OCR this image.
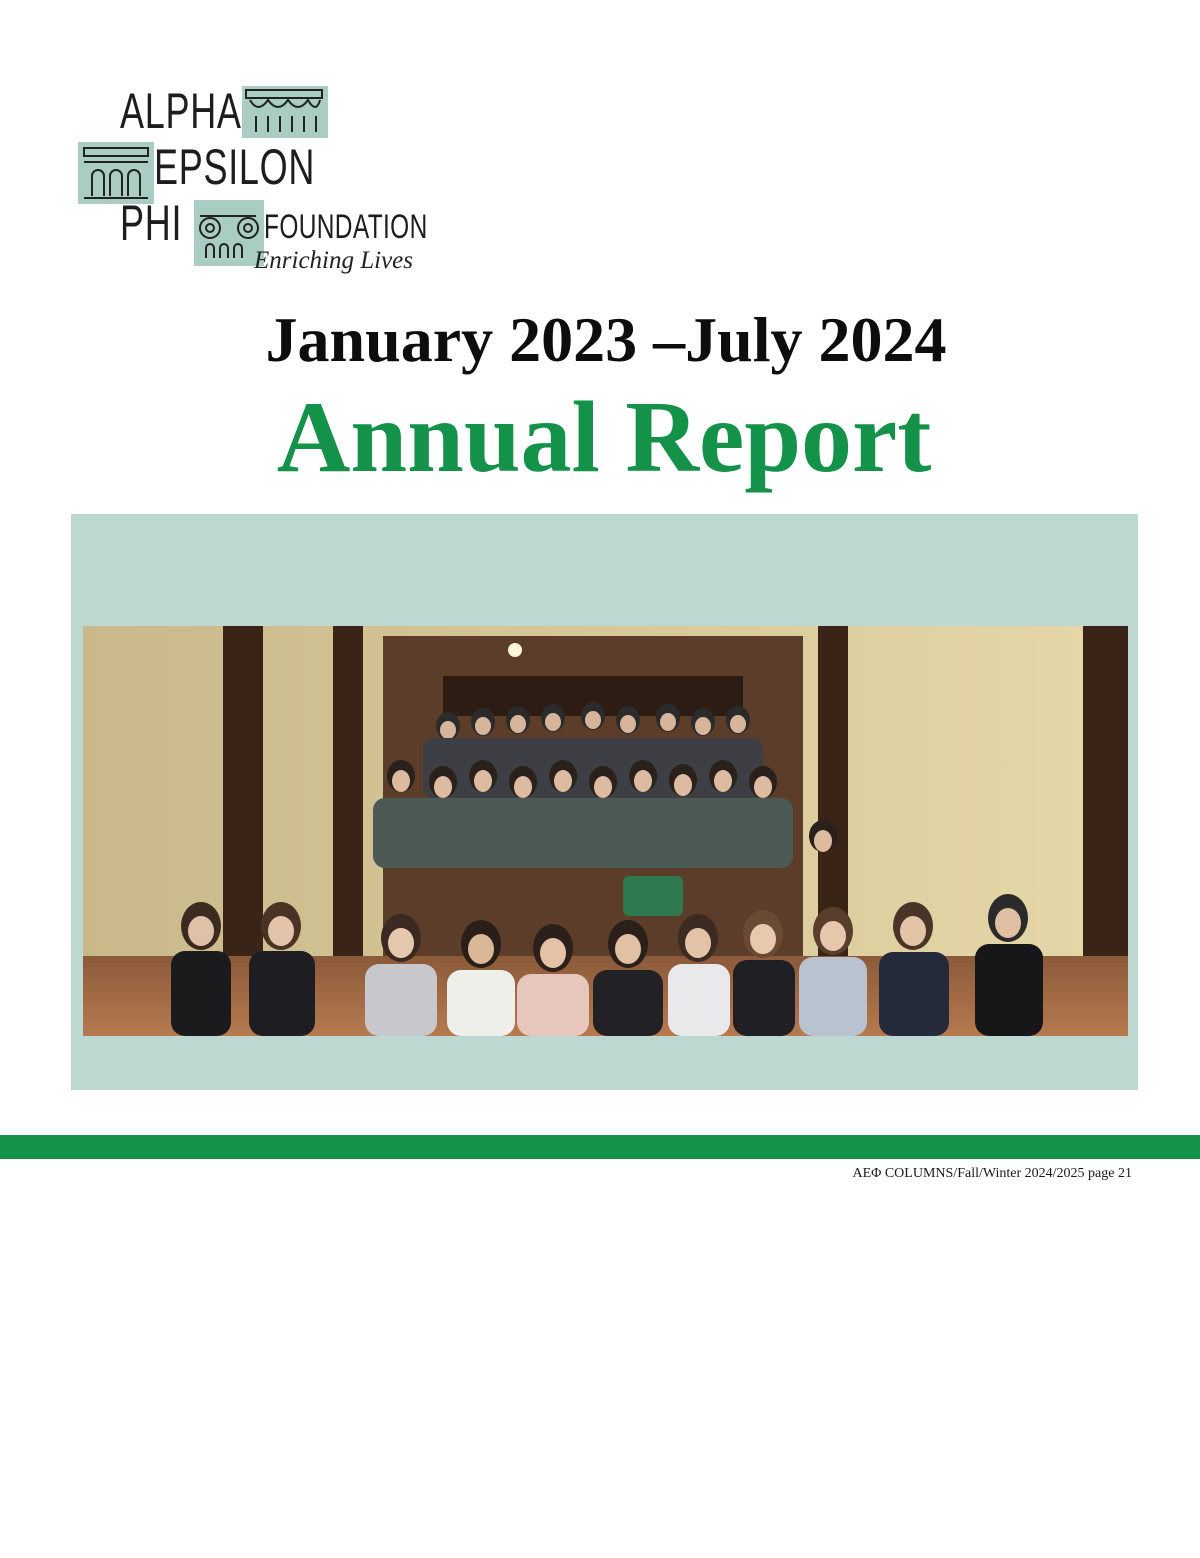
ALPHA
EPSILON
PHI FOUNDATION
Enriching Lives
January 2023 –July 2024
Annual Report
AEΦ COLUMNS/Fall/Winter 2024/2025 page 21
